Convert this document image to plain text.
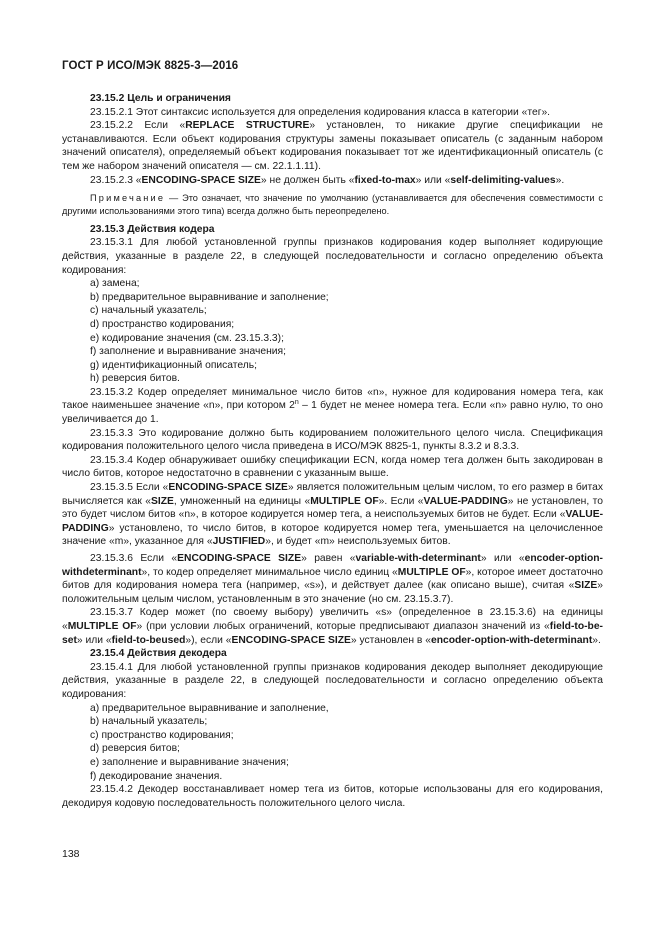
ГОСТ Р ИСО/МЭК 8825-3—2016

23.15.2 Цель и ограничения

23.15.2.1 Этот синтаксис используется для определения кодирования класса в категории «тег».

23.15.2.2 Если «REPLACE STRUCTURE» установлен, то никакие другие спецификации не устанавливаются. Если объект кодирования структуры замены показывает описатель (с заданным набором значений описателя), определяемый объект кодирования показывает тот же идентификационный описатель (с тем же набором значений описателя — см. 22.1.1.11).

23.15.2.3 «ENCODING-SPACE SIZE» не должен быть «fixed-to-max» или «self-delimiting-values».

Примечание — Это означает, что значение по умолчанию (устанавливается для обеспечения совместимости с другими использованиями этого типа) всегда должно быть переопределено.

23.15.3 Действия кодера

23.15.3.1 Для любой установленной группы признаков кодирования кодер выполняет кодирующие действия, указанные в разделе 22, в следующей последовательности и согласно определению объекта кодирования:

a) замена;

b) предварительное выравнивание и заполнение;

c) начальный указатель;

d) пространство кодирования;

e) кодирование значения (см. 23.15.3.3);

f) заполнение и выравнивание значения;

g) идентификационный описатель;

h) реверсия битов.

23.15.3.2 Кодер определяет минимальное число битов «n», нужное для кодирования номера тега, как такое наименьшее значение «n», при котором 2$^n$ – 1 будет не менее номера тега. Если «n» равно нулю, то оно увеличивается до 1.

23.15.3.3 Это кодирование должно быть кодированием положительного целого числа. Спецификация кодирования положительного целого числа приведена в ИСО/МЭК 8825-1, пункты 8.3.2 и 8.3.3.

23.15.3.4 Кодер обнаруживает ошибку спецификации ECN, когда номер тега должен быть закодирован в число битов, которое недостаточно в сравнении с указанным выше.

23.15.3.5 Если «ENCODING-SPACE SIZE» является положительным целым числом, то его размер в битах вычисляется как «SIZE, умноженный на единицы «MULTIPLE OF». Если «VALUE-PADDING» не установлен, то это будет числом битов «n», в которое кодируется номер тега, а неиспользуемых битов не будет. Если «VALUE-PADDING» установлено, то число битов, в которое кодируется номер тега, уменьшается на целочисленное значение «m», указанное для «JUSTIFIED», и будет «m» неиспользуемых битов.

23.15.3.6 Если «ENCODING-SPACE SIZE» равен «variable-with-determinant» или «encoder-option-withdeterminant», то кодер определяет минимальное число единиц «MULTIPLE OF», которое имеет достаточно битов для кодирования номера тега (например, «s»), и действует далее (как описано выше), считая «SIZE» положительным целым числом, установленным в это значение (но см. 23.15.3.7).

23.15.3.7 Кодер может (по своему выбору) увеличить «s» (определенное в 23.15.3.6) на единицы «MULTIPLE OF» (при условии любых ограничений, которые предписывают диапазон значений из «field-to-be-set» или «field-to-beused»), если «ENCODING-SPACE SIZE» установлен в «encoder-option-with-determinant».

23.15.4 Действия декодера

23.15.4.1 Для любой установленной группы признаков кодирования декодер выполняет декодирующие действия, указанные в разделе 22, в следующей последовательности и согласно определению объекта кодирования:

a) предварительное выравнивание и заполнение,

b) начальный указатель;

c) пространство кодирования;

d) реверсия битов;

e) заполнение и выравнивание значения;

f) декодирование значения.

23.15.4.2 Декодер восстанавливает номер тега из битов, которые использованы для его кодирования, декодируя кодовую последовательность положительного целого числа.

138
